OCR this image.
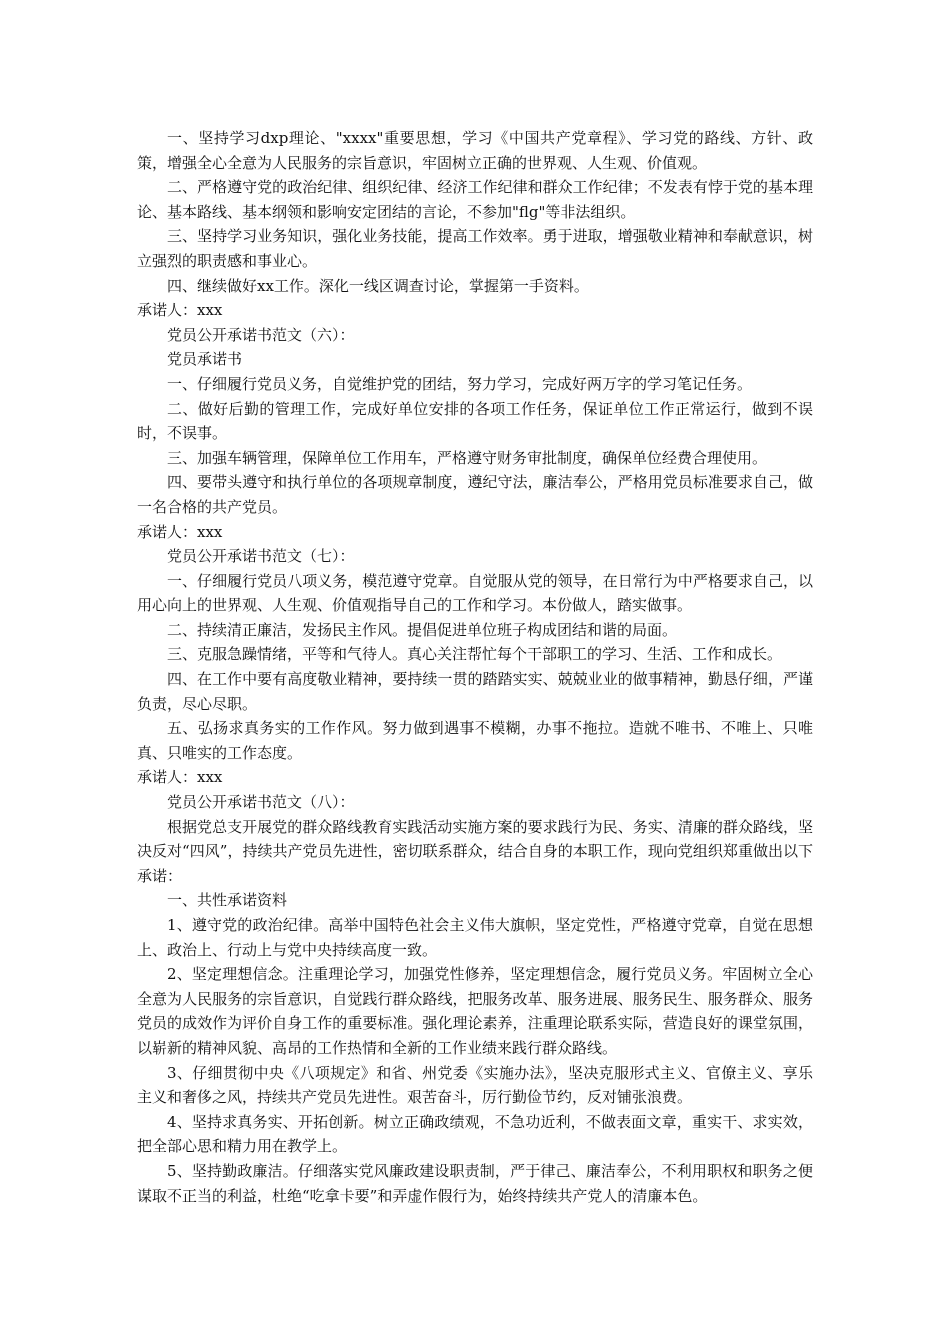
一、坚持学习dxp理论、"xxxx"重要思想，学习《中国共产党章程》、学习党的路线、方针、政策，增强全心全意为人民服务的宗旨意识，牢固树立正确的世界观、人生观、价值观。

二、严格遵守党的政治纪律、组织纪律、经济工作纪律和群众工作纪律；不发表有悖于党的基本理论、基本路线、基本纲领和影响安定团结的言论，不参加"flg"等非法组织。

三、坚持学习业务知识，强化业务技能，提高工作效率。勇于进取，增强敬业精神和奉献意识，树立强烈的职责感和事业心。

四、继续做好xx工作。深化一线区调查讨论，掌握第一手资料。

承诺人：xxx

党员公开承诺书范文（六）：

党员承诺书

一、仔细履行党员义务，自觉维护党的团结，努力学习，完成好两万字的学习笔记任务。

二、做好后勤的管理工作，完成好单位安排的各项工作任务，保证单位工作正常运行，做到不误时，不误事。

三、加强车辆管理，保障单位工作用车，严格遵守财务审批制度，确保单位经费合理使用。

四、要带头遵守和执行单位的各项规章制度，遵纪守法，廉洁奉公，严格用党员标准要求自己，做一名合格的共产党员。

承诺人：xxx

党员公开承诺书范文（七）：

一、仔细履行党员八项义务，模范遵守党章。自觉服从党的领导，在日常行为中严格要求自己，以用心向上的世界观、人生观、价值观指导自己的工作和学习。本份做人，踏实做事。

二、持续清正廉洁，发扬民主作风。提倡促进单位班子构成团结和谐的局面。

三、克服急躁情绪，平等和气待人。真心关注帮忙每个干部职工的学习、生活、工作和成长。

四、在工作中要有高度敬业精神，要持续一贯的踏踏实实、兢兢业业的做事精神，勤恳仔细，严谨负责，尽心尽职。

五、弘扬求真务实的工作作风。努力做到遇事不模糊，办事不拖拉。造就不唯书、不唯上、只唯真、只唯实的工作态度。

承诺人：xxx

党员公开承诺书范文（八）：

根据党总支开展党的群众路线教育实践活动实施方案的要求践行为民、务实、清廉的群众路线，坚决反对“四风”，持续共产党员先进性，密切联系群众，结合自身的本职工作，现向党组织郑重做出以下承诺：

一、共性承诺资料

1、遵守党的政治纪律。高举中国特色社会主义伟大旗帜，坚定党性，严格遵守党章，自觉在思想上、政治上、行动上与党中央持续高度一致。

2、坚定理想信念。注重理论学习，加强党性修养，坚定理想信念，履行党员义务。牢固树立全心全意为人民服务的宗旨意识，自觉践行群众路线，把服务改革、服务进展、服务民生、服务群众、服务党员的成效作为评价自身工作的重要标准。强化理论素养，注重理论联系实际，营造良好的课堂氛围，以崭新的精神风貌、高昂的工作热情和全新的工作业绩来践行群众路线。

3、仔细贯彻中央《八项规定》和省、州党委《实施办法》，坚决克服形式主义、官僚主义、享乐主义和奢侈之风，持续共产党员先进性。艰苦奋斗，厉行勤俭节约，反对铺张浪费。

4、坚持求真务实、开拓创新。树立正确政绩观，不急功近利，不做表面文章，重实干、求实效，把全部心思和精力用在教学上。

5、坚持勤政廉洁。仔细落实党风廉政建设职责制，严于律己、廉洁奉公，不利用职权和职务之便谋取不正当的利益，杜绝“吃拿卡要”和弄虚作假行为，始终持续共产党人的清廉本色。
